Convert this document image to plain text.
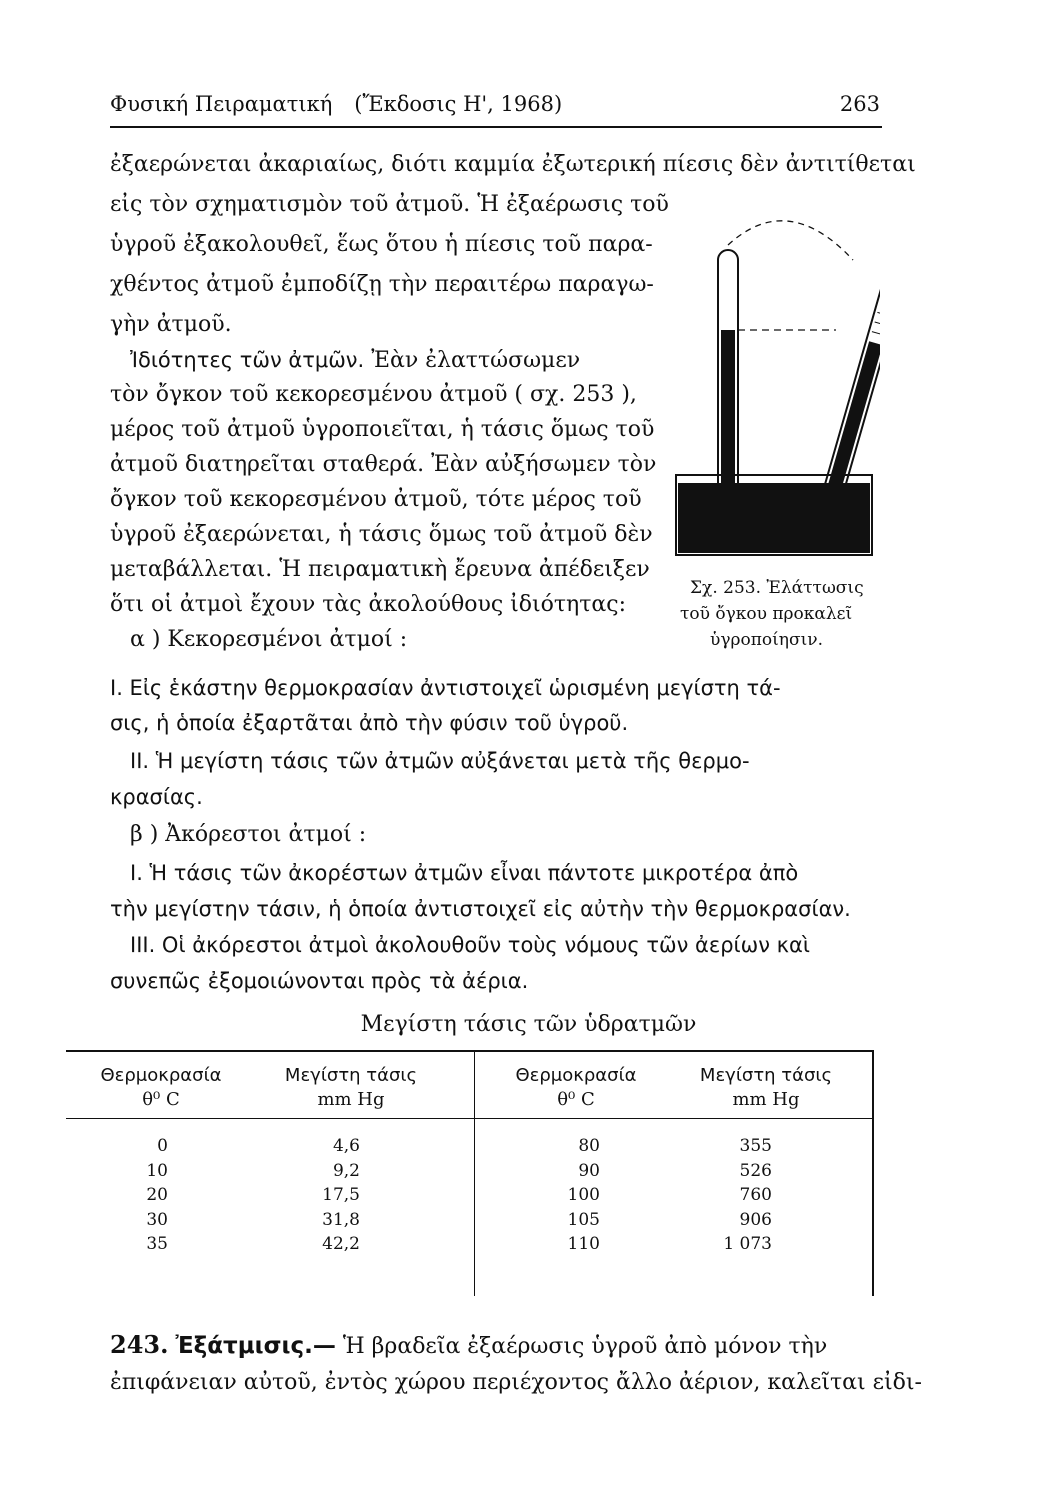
Φυσική Πειραματική (Ἔκδοσις Η', 1968)	263
ἐξαερώνεται ἀκαριαίως, διότι καμμία ἐξωτερική πίεσις δὲν ἀντιτίθεται
εἰς τὸν σχηματισμὸν τοῦ ἀτμοῦ. Ἡ ἐξαέρωσις τοῦ
ὑγροῦ ἐξακολουθεῖ, ἕως ὅτου ἡ πίεσις τοῦ παρα-
χθέντος ἀτμοῦ ἐμποδίζῃ τὴν περαιτέρω παραγω-
γὴν ἀτμοῦ.
Ἰδιότητες τῶν ἀτμῶν. Ἐὰν ἐλαττώσωμεν
τὸν ὄγκον τοῦ κεκορεσμένου ἀτμοῦ ( σχ. 253 ),
μέρος τοῦ ἀτμοῦ ὑγροποιεῖται, ἡ τάσις ὅμως τοῦ
ἀτμοῦ διατηρεῖται σταθερά. Ἐὰν αὐξήσωμεν τὸν
ὄγκον τοῦ κεκορεσμένου ἀτμοῦ, τότε μέρος τοῦ
ὑγροῦ ἐξαερώνεται, ἡ τάσις ὅμως τοῦ ἀτμοῦ δὲν
μεταβάλλεται. Ἡ πειραματικὴ ἔρευνα ἀπέδειξεν
ὅτι οἱ ἀτμοὶ ἔχουν τὰς ἀκολούθους ἰδιότητας:
Σχ. 253. Ἐλάττωσις
τοῦ ὄγκου προκαλεῖ
ὑγροποίησιν.
α ) Κεκορεσμένοι ἀτμοί :
Ι. Εἰς ἑκάστην θερμοκρασίαν ἀντιστοιχεῖ ὡρισμένη μεγίστη τά-
σις, ἡ ὁποία ἐξαρτᾶται ἀπὸ τὴν φύσιν τοῦ ὑγροῦ.
ΙΙ. Ἡ μεγίστη τάσις τῶν ἀτμῶν αὐξάνεται μετὰ τῆς θερμο-
κρασίας.
β ) Ἀκόρεστοι ἀτμοί :
Ι. Ἡ τάσις τῶν ἀκορέστων ἀτμῶν εἶναι πάντοτε μικροτέρα ἀπὸ
τὴν μεγίστην τάσιν, ἡ ὁποία ἀντιστοιχεῖ εἰς αὐτὴν τὴν θερμοκρασίαν.
ΙΙΙ. Οἱ ἀκόρεστοι ἀτμοὶ ἀκολουθοῦν τοὺς νόμους τῶν ἀερίων καὶ
συνεπῶς ἐξομοιώνονται πρὸς τὰ ἀέρια.
Μεγίστη τάσις τῶν ὑδρατμῶν
Θερμοκρασία
θ⁰ C
Μεγίστη τάσις
mm Hg
Θερμοκρασία
θ⁰ C
Μεγίστη τάσις
mm Hg
0
10
20
30
35
4,6
9,2
17,5
31,8
42,2
80
90
100
105
110
355
526
760
906
1 073
243. Ἐξάτμισις.— Ἡ βραδεῖα ἐξαέρωσις ὑγροῦ ἀπὸ μόνον τὴν
ἐπιφάνειαν αὐτοῦ, ἐντὸς χώρου περιέχοντος ἄλλο ἀέριον, καλεῖται εἰδι-
